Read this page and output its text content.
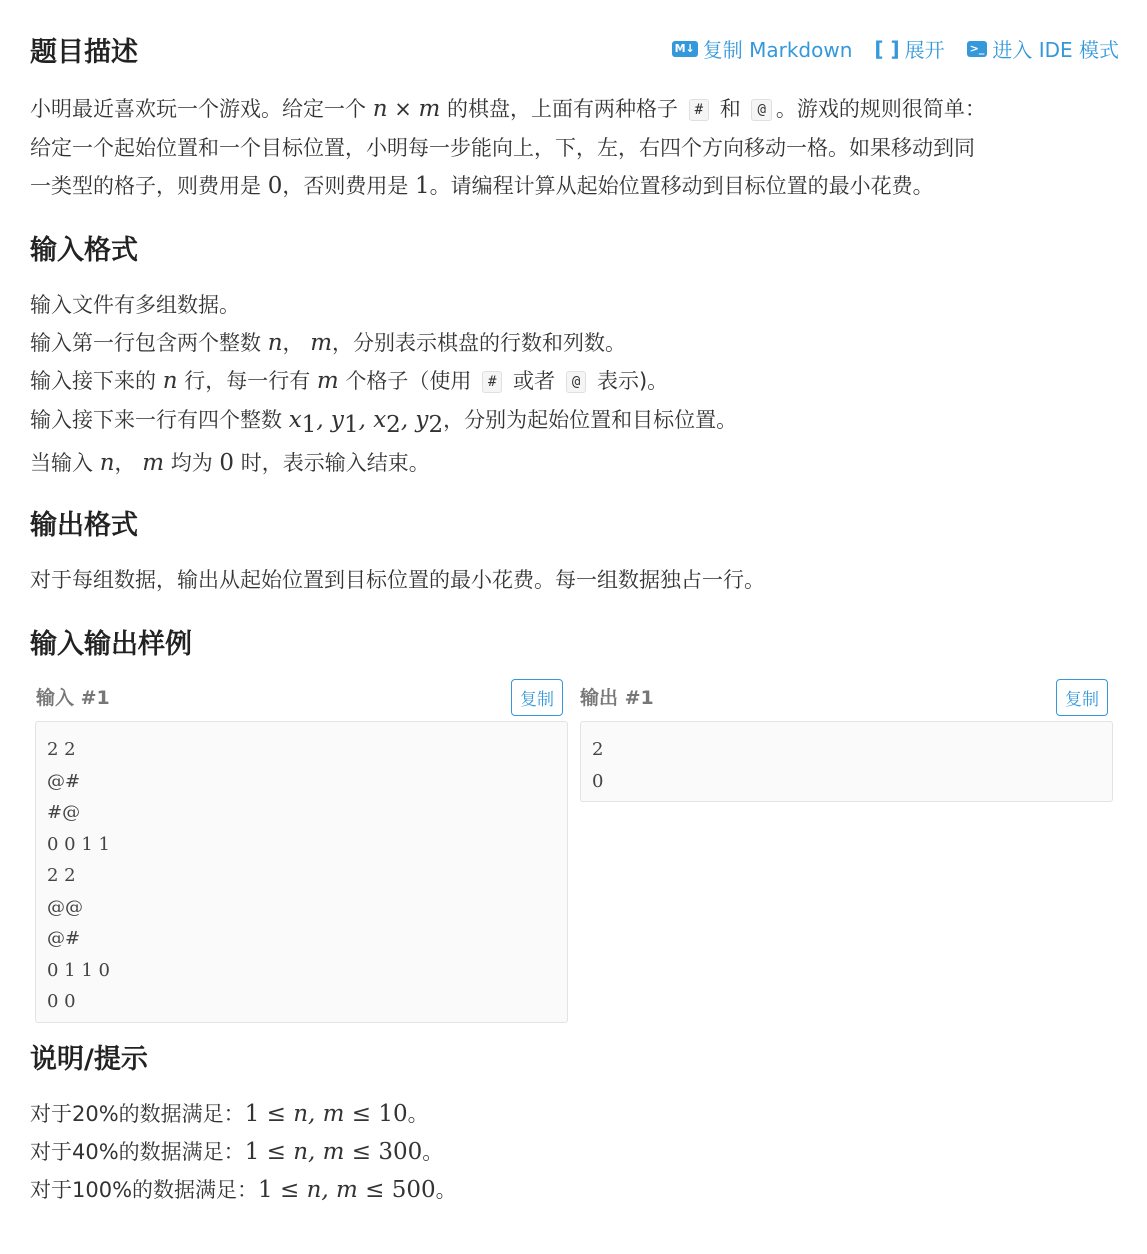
M↓ 复制 Markdown [ ] 展开 >_ 进入 IDE 模式
题目描述
小明最近喜欢玩一个游戏。给定一个 n × m 的棋盘，上面有两种格子 # 和 @ 。游戏的规则很简单：
给定一个起始位置和一个目标位置，小明每一步能向上，下，左，右四个方向移动一格。如果移动到同
一类型的格子，则费用是 0，否则费用是 1。请编程计算从起始位置移动到目标位置的最小花费。
输入格式
输入文件有多组数据。
输入第一行包含两个整数 n， m，分别表示棋盘的行数和列数。
输入接下来的 n 行，每一行有 m 个格子（使用 # 或者 @ 表示)。
输入接下来一行有四个整数 $x_1$, $y_1$, $x_2$, $y_2$，分别为起始位置和目标位置。
当输入 n， m 均为 0 时，表示输入结束。
输出格式
对于每组数据，输出从起始位置到目标位置的最小花费。每一组数据独占一行。
输入输出样例
输入 #1	复制
2 2
@#
#@
0 0 1 1
2 2
@@
@#
0 1 1 0
0 0
输出 #1	复制
2
0
说明/提示
对于20%的数据满足：1 ≤ n, m ≤ 10。
对于40%的数据满足：1 ≤ n, m ≤ 300。
对于100%的数据满足：1 ≤ n, m ≤ 500。
